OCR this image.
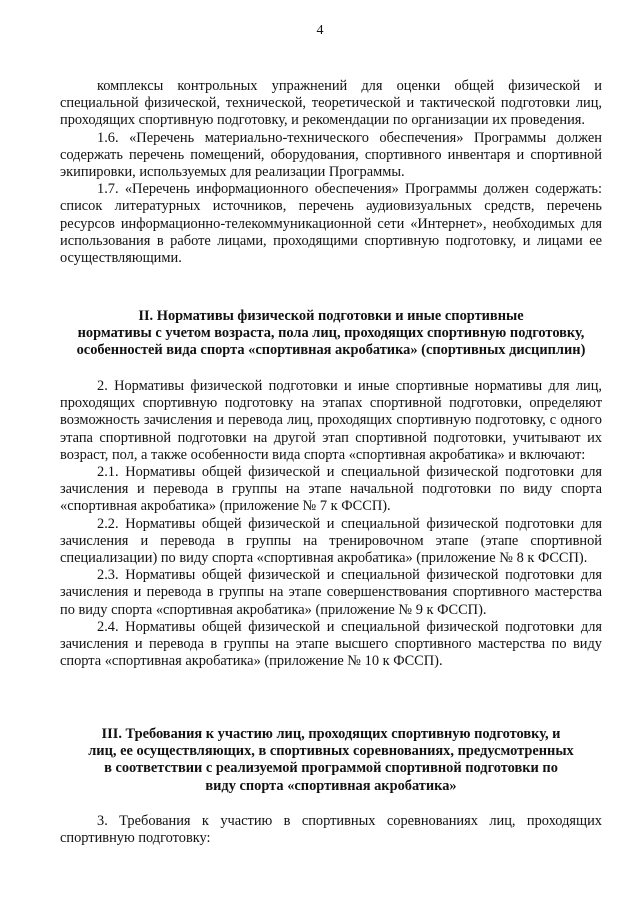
4

комплексы контрольных упражнений для оценки общей физической и специальной физической, технической, теоретической и тактической подготовки лиц, проходящих спортивную подготовку, и рекомендации по организации их проведения.

1.6. «Перечень материально-технического обеспечения» Программы должен содержать перечень помещений, оборудования, спортивного инвентаря и спортивной экипировки, используемых для реализации Программы.

1.7. «Перечень информационного обеспечения» Программы должен содержать: список литературных источников, перечень аудиовизуальных средств, перечень ресурсов информационно-телекоммуникационной сети «Интернет», необходимых для использования в работе лицами, проходящими спортивную подготовку, и лицами ее осуществляющими.

II. Нормативы физической подготовки и иные спортивные
нормативы с учетом возраста, пола лиц, проходящих спортивную подготовку,
особенностей вида спорта «спортивная акробатика» (спортивных дисциплин)

2. Нормативы физической подготовки и иные спортивные нормативы для лиц, проходящих спортивную подготовку на этапах спортивной подготовки, определяют возможность зачисления и перевода лиц, проходящих спортивную подготовку, с одного этапа спортивной подготовки на другой этап спортивной подготовки, учитывают их возраст, пол, а также особенности вида спорта «спортивная акробатика» и включают:

2.1. Нормативы общей физической и специальной физической подготовки для зачисления и перевода в группы на этапе начальной подготовки по виду спорта «спортивная акробатика» (приложение № 7 к ФССП).

2.2. Нормативы общей физической и специальной физической подготовки для зачисления и перевода в группы на тренировочном этапе (этапе спортивной специализации) по виду спорта «спортивная акробатика» (приложение № 8 к ФССП).

2.3. Нормативы общей физической и специальной физической подготовки для зачисления и перевода в группы на этапе совершенствования спортивного мастерства по виду спорта «спортивная акробатика» (приложение № 9 к ФССП).

2.4. Нормативы общей физической и специальной физической подготовки для зачисления и перевода в группы на этапе высшего спортивного мастерства по виду спорта «спортивная акробатика» (приложение № 10 к ФССП).

III. Требования к участию лиц, проходящих спортивную подготовку, и
лиц, ее осуществляющих, в спортивных соревнованиях, предусмотренных
в соответствии с реализуемой программой спортивной подготовки по
виду спорта «спортивная акробатика»

3. Требования к участию в спортивных соревнованиях лиц, проходящих спортивную подготовку:
